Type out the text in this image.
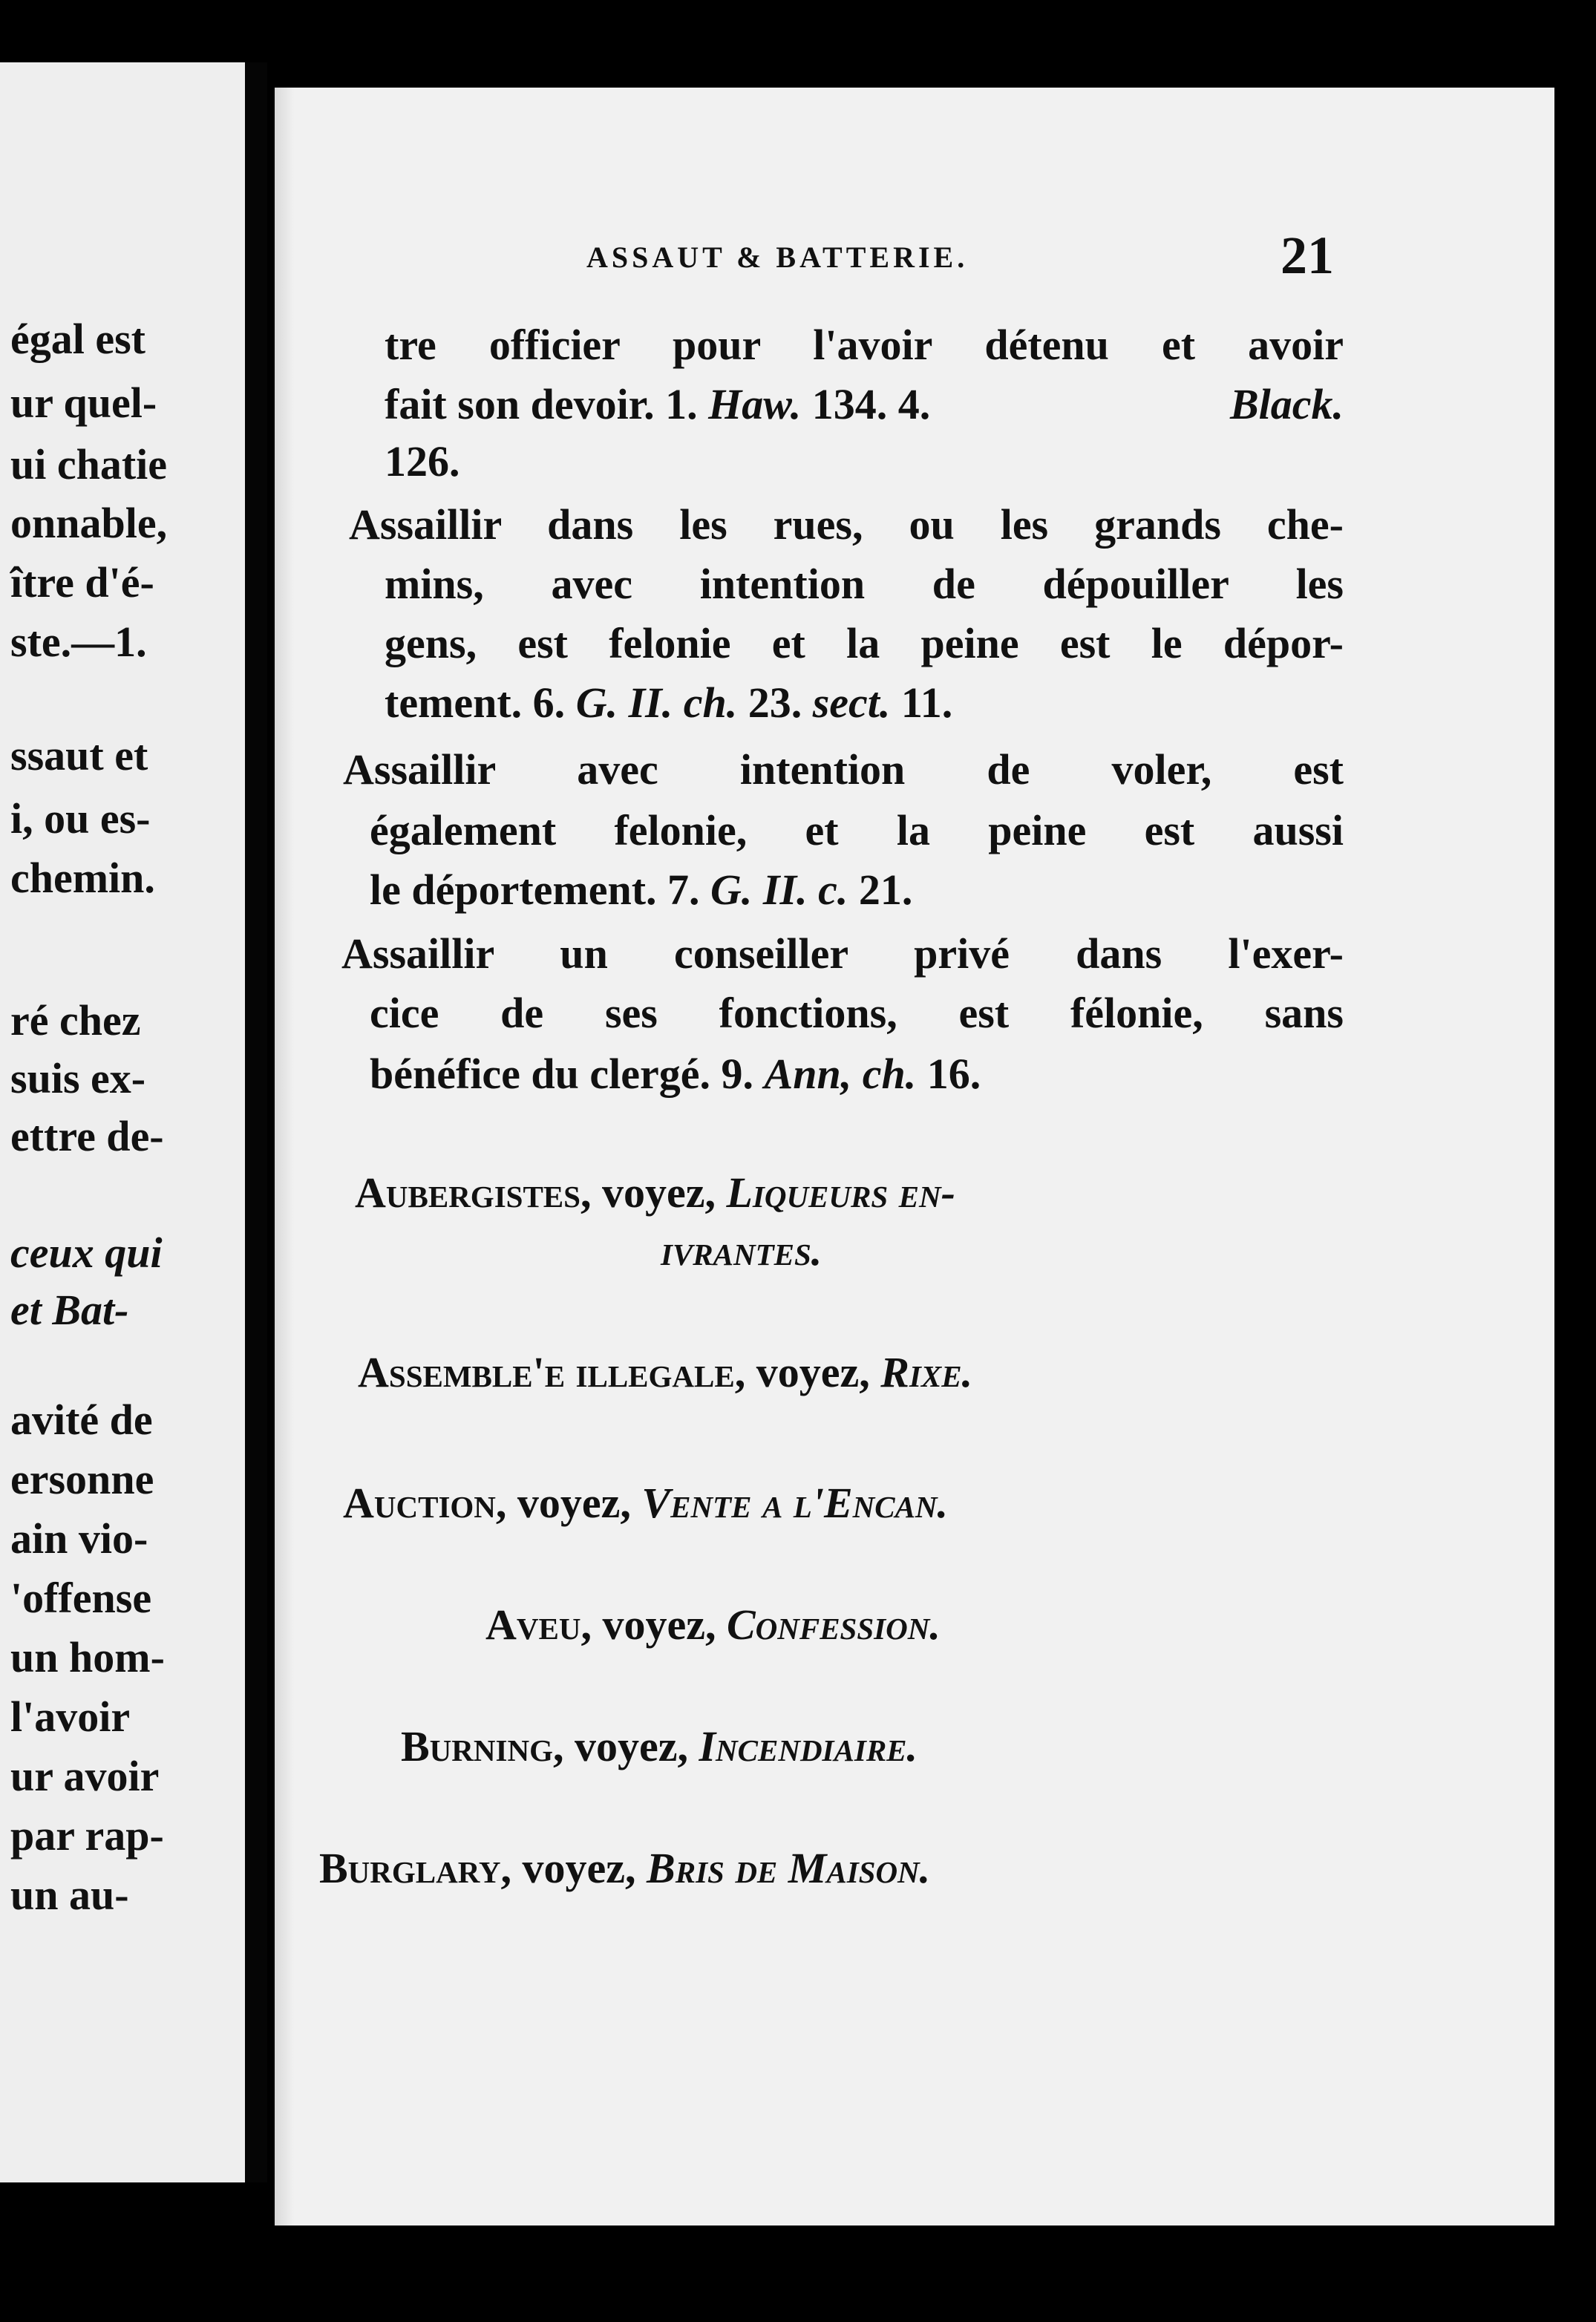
égal est
ur quel-
ui chatie
onnable,
ître d'é-
ste.—1.
ssaut et
i, ou es-
chemin.
ré chez
suis ex-
ettre de-
ceux qui
et Bat-
avité de
ersonne
ain vio-
'offense
un hom-
l'avoir
ur avoir
par rap-
un au-
ASSAUT & BATTERIE.	21
tre officier pour l'avoir détenu et avoir
fait son devoir. 1. Haw. 134. 4.	Black.
126.
Assaillir dans les rues, ou les grands che-
mins, avec intention de dépouiller les
gens, est felonie et la peine est le dépor-
tement. 6. G. II. ch. 23. sect. 11.
Assaillir avec intention de voler, est
également felonie, et la peine est aussi
le déportement. 7. G. II. c. 21.
Assaillir un conseiller privé dans l'exer-
cice de ses fonctions, est félonie, sans
bénéfice du clergé. 9. Ann, ch. 16.
Aubergistes, voyez, Liqueurs en-
ivrantes.
Assemble'e illegale, voyez, Rixe.
Auction, voyez, Vente a l'Encan.
Aveu, voyez, Confession.
Burning, voyez, Incendiaire.
Burglary, voyez, Bris de Maison.
